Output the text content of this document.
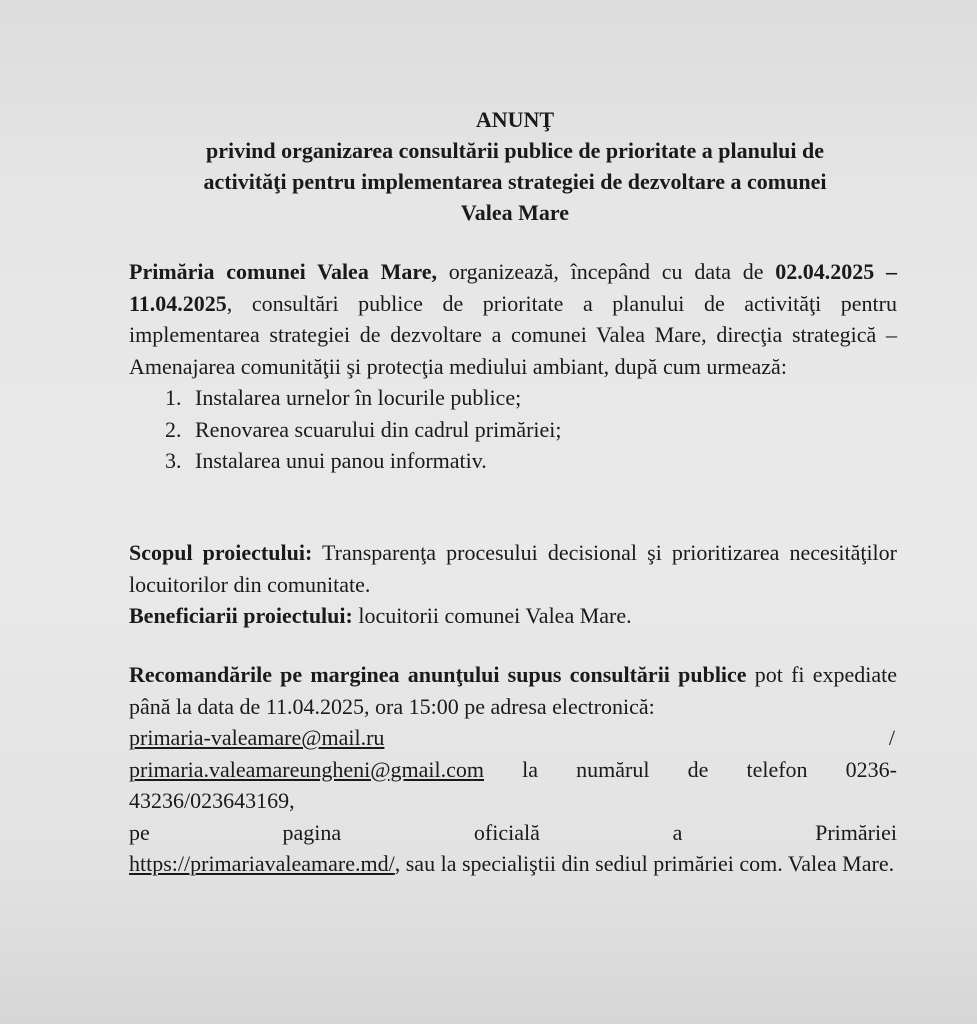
ANUNŢ
privind organizarea consultării publice de prioritate a planului de
activităţi pentru implementarea strategiei de dezvoltare a comunei
Valea Mare
Primăria comunei Valea Mare, organizează, începând cu data de 02.04.2025 –11.04.2025, consultări publice de prioritate a planului de activităţi pentru implementarea strategiei de dezvoltare a comunei Valea Mare, direcţia strategică – Amenajarea comunităţii şi protecţia mediului ambiant, după cum urmează:
1. Instalarea urnelor în locurile publice;
2. Renovarea scuarului din cadrul primăriei;
3. Instalarea unui panou informativ.
Scopul proiectului: Transparenţa procesului decisional şi prioritizarea necesităţilor locuitorilor din comunitate.
Beneficiarii proiectului: locuitorii comunei Valea Mare.
Recomandările pe marginea anunţului supus consultării publice pot fi expediate până la data de 11.04.2025, ora 15:00 pe adresa electronică:
primaria-valeamare@mail.ru	/
primaria.valeamareungheni@gmail.com la numărul de telefon 0236-43236/023643169,
pe	pagina	oficială	a	Primăriei
https://primariavaleamare.md/, sau la specialiştii din sediul primăriei com. Valea Mare.
